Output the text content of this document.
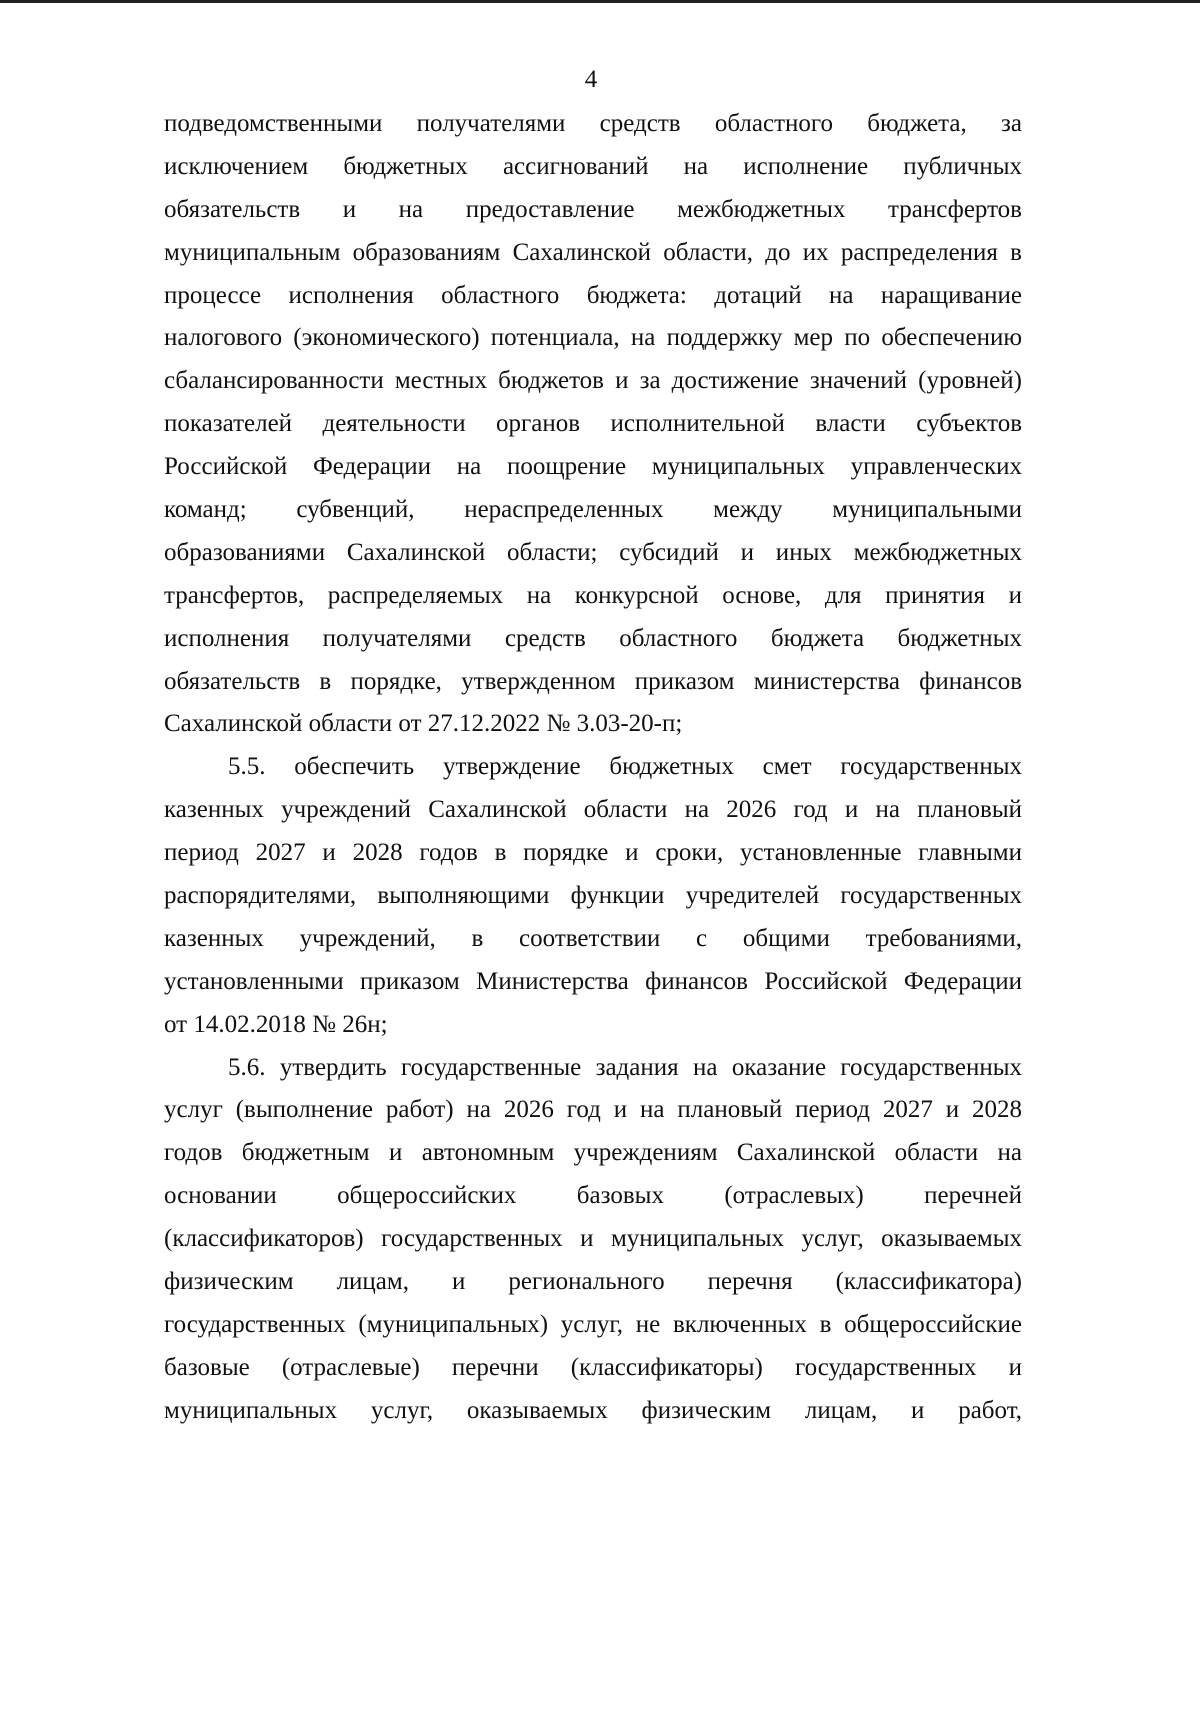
4
подведомственными получателями средств областного бюджета, за
исключением бюджетных ассигнований на исполнение публичных
обязательств и на предоставление межбюджетных трансфертов
муниципальным образованиям Сахалинской области, до их распределения в
процессе исполнения областного бюджета: дотаций на наращивание
налогового (экономического) потенциала, на поддержку мер по обеспечению
сбалансированности местных бюджетов и за достижение значений (уровней)
показателей деятельности органов исполнительной власти субъектов
Российской Федерации на поощрение муниципальных управленческих
команд; субвенций, нераспределенных между муниципальными
образованиями Сахалинской области; субсидий и иных межбюджетных
трансфертов, распределяемых на конкурсной основе, для принятия и
исполнения получателями средств областного бюджета бюджетных
обязательств в порядке, утвержденном приказом министерства финансов
Сахалинской области от 27.12.2022 № 3.03-20-п;
5.5. обеспечить утверждение бюджетных смет государственных
казенных учреждений Сахалинской области на 2026 год и на плановый
период 2027 и 2028 годов в порядке и сроки, установленные главными
распорядителями, выполняющими функции учредителей государственных
казенных учреждений, в соответствии с общими требованиями,
установленными приказом Министерства финансов Российской Федерации
от 14.02.2018 № 26н;
5.6. утвердить государственные задания на оказание государственных
услуг (выполнение работ) на 2026 год и на плановый период 2027 и 2028
годов бюджетным и автономным учреждениям Сахалинской области на
основании общероссийских базовых (отраслевых) перечней
(классификаторов) государственных и муниципальных услуг, оказываемых
физическим лицам, и регионального перечня (классификатора)
государственных (муниципальных) услуг, не включенных в общероссийские
базовые (отраслевые) перечни (классификаторы) государственных и
муниципальных услуг, оказываемых физическим лицам, и работ,
